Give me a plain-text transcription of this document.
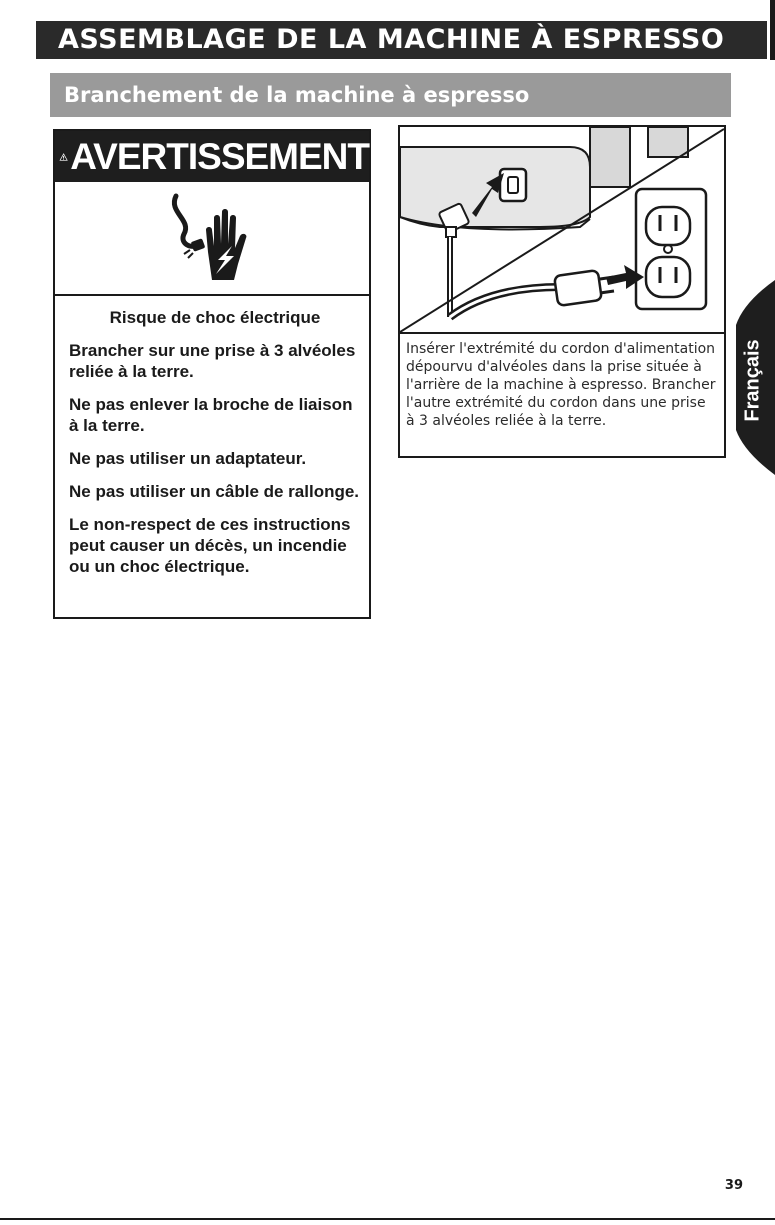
ASSEMBLAGE DE LA MACHINE À ESPRESSO
Branchement de la machine à espresso
AVERTISSEMENT
Risque de choc électrique

Brancher sur une prise à 3 alvéoles reliée à la terre.

Ne pas enlever la broche de liaison à la terre.

Ne pas utiliser un adaptateur.

Ne pas utiliser un câble de rallonge.

Le non-respect de ces instructions peut causer un décès, un incendie ou un choc électrique.

Insérer l'extrémité du cordon d'alimentation dépourvu d'alvéoles dans la prise située à l'arrière de la machine à espresso. Brancher l'autre extrémité du cordon dans une prise à 3 alvéoles reliée à la terre.	Français
39
